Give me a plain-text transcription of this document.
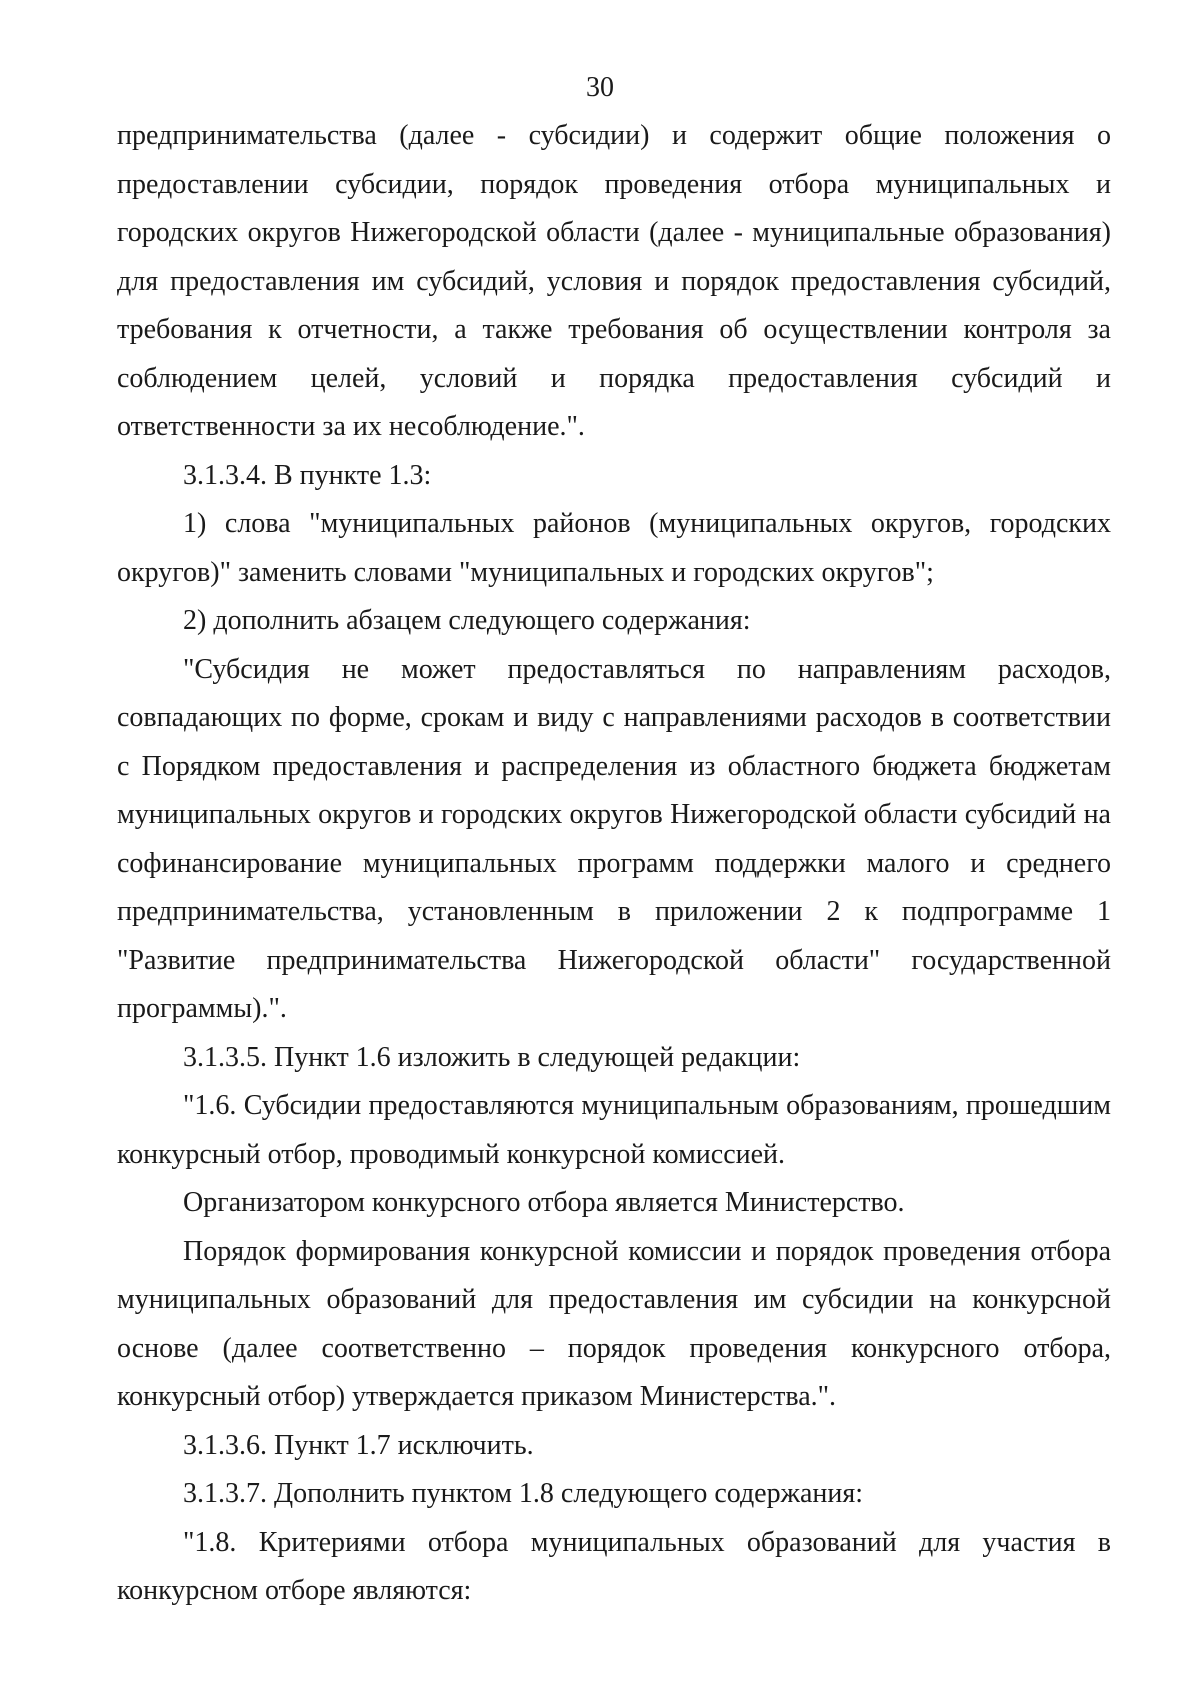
30

предпринимательства (далее - субсидии) и содержит общие положения о предоставлении субсидии, порядок проведения отбора муниципальных и городских округов Нижегородской области (далее - муниципальные образования) для предоставления им субсидий, условия и порядок предоставления субсидий, требования к отчетности, а также требования об осуществлении контроля за соблюдением целей, условий и порядка предоставления субсидий и ответственности за их несоблюдение.".

3.1.3.4. В пункте 1.3:

1) слова "муниципальных районов (муниципальных округов, городских округов)" заменить словами "муниципальных и городских округов";

2) дополнить абзацем следующего содержания:

"Субсидия не может предоставляться по направлениям расходов, совпадающих по форме, срокам и виду с направлениями расходов в соответствии с Порядком предоставления и распределения из областного бюджета бюджетам муниципальных округов и городских округов Нижегородской области субсидий на софинансирование муниципальных программ поддержки малого и среднего предпринимательства, установленным в приложении 2 к подпрограмме 1 "Развитие предпринимательства Нижегородской области" государственной программы).".

3.1.3.5. Пункт 1.6 изложить в следующей редакции:

"1.6. Субсидии предоставляются муниципальным образованиям, прошедшим конкурсный отбор, проводимый конкурсной комиссией.

Организатором конкурсного отбора является Министерство.

Порядок формирования конкурсной комиссии и порядок проведения отбора муниципальных образований для предоставления им субсидии на конкурсной основе (далее соответственно – порядок проведения конкурсного отбора, конкурсный отбор) утверждается приказом Министерства.".

3.1.3.6. Пункт 1.7 исключить.

3.1.3.7. Дополнить пунктом 1.8 следующего содержания:

"1.8. Критериями отбора муниципальных образований для участия в конкурсном отборе являются:
